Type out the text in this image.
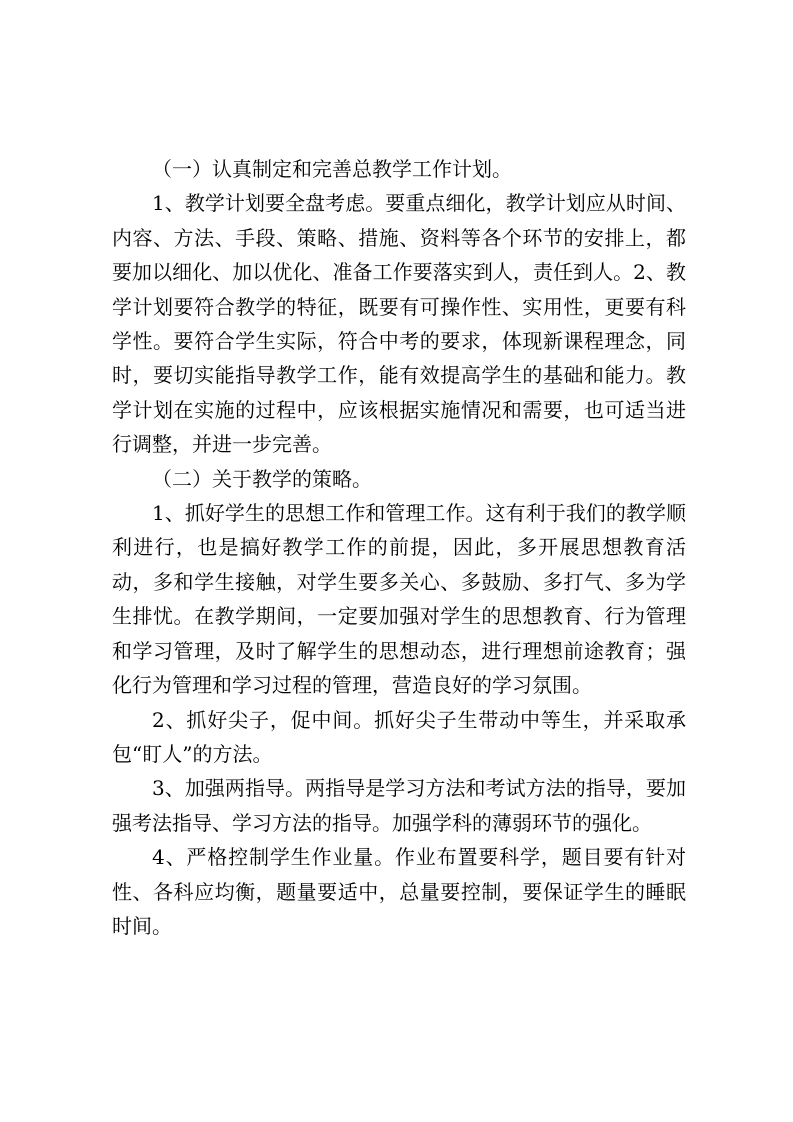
（一）认真制定和完善总教学工作计划。

1、教学计划要全盘考虑。要重点细化，教学计划应从时间、内容、方法、手段、策略、措施、资料等各个环节的安排上，都要加以细化、加以优化、准备工作要落实到人，责任到人。2、教学计划要符合教学的特征，既要有可操作性、实用性，更要有科学性。要符合学生实际，符合中考的要求，体现新课程理念，同时，要切实能指导教学工作，能有效提高学生的基础和能力。教学计划在实施的过程中，应该根据实施情况和需要，也可适当进行调整，并进一步完善。

（二）关于教学的策略。

1、抓好学生的思想工作和管理工作。这有利于我们的教学顺利进行，也是搞好教学工作的前提，因此，多开展思想教育活动，多和学生接触，对学生要多关心、多鼓励、多打气、多为学生排忧。在教学期间，一定要加强对学生的思想教育、行为管理和学习管理，及时了解学生的思想动态，进行理想前途教育；强化行为管理和学习过程的管理，营造良好的学习氛围。

2、抓好尖子，促中间。抓好尖子生带动中等生，并采取承包“盯人”的方法。

3、加强两指导。两指导是学习方法和考试方法的指导，要加强考法指导、学习方法的指导。加强学科的薄弱环节的强化。

4、严格控制学生作业量。作业布置要科学，题目要有针对性、各科应均衡，题量要适中，总量要控制，要保证学生的睡眠时间。
